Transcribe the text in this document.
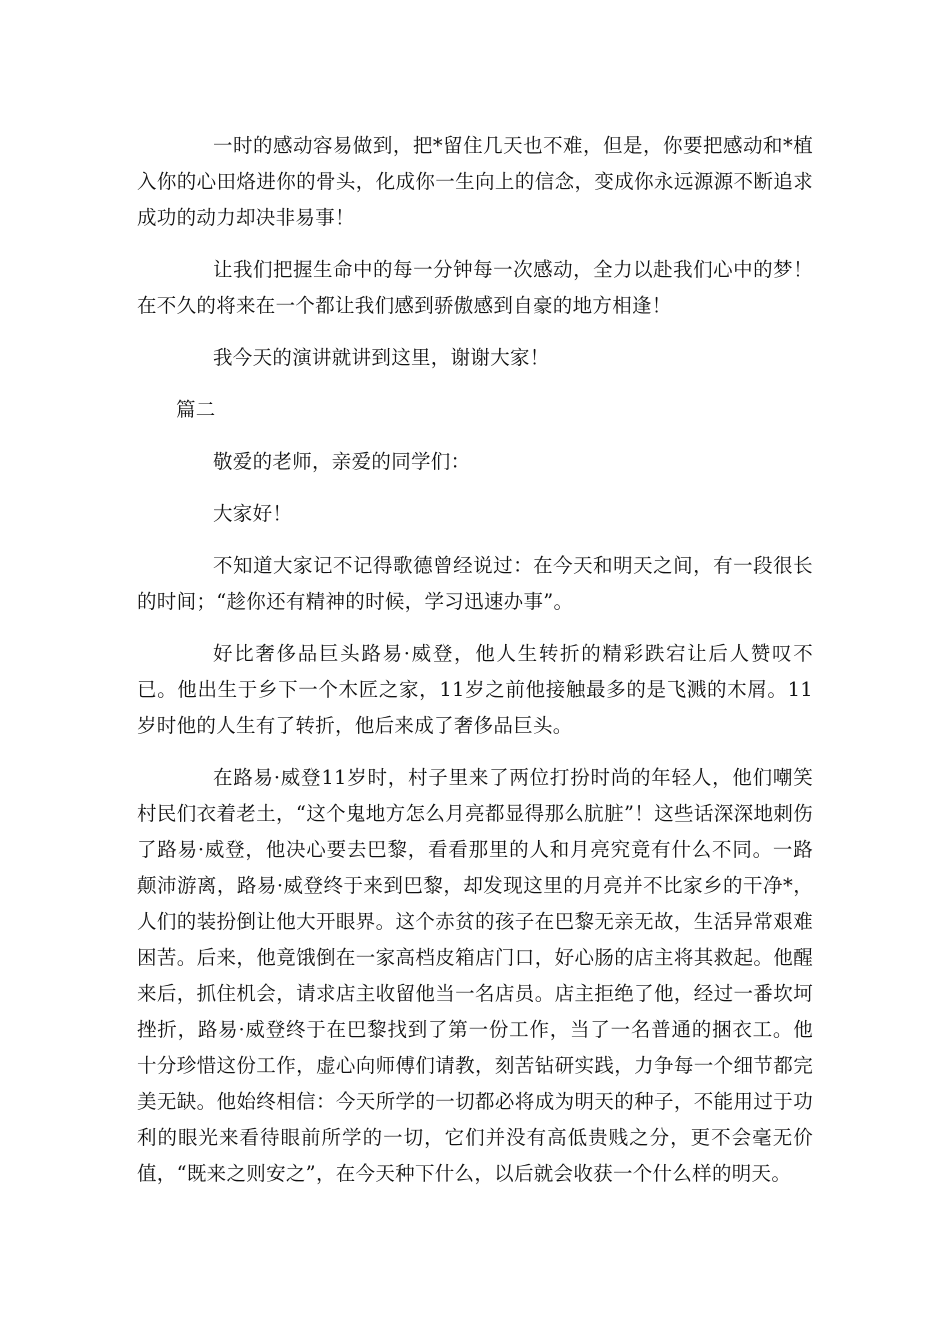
一时的感动容易做到，把*留住几天也不难，但是，你要把感动和*植入你的心田烙进你的骨头，化成你一生向上的信念，变成你永远源源不断追求成功的动力却决非易事！

让我们把握生命中的每一分钟每一次感动，全力以赴我们心中的梦！在不久的将来在一个都让我们感到骄傲感到自豪的地方相逢！

我今天的演讲就讲到这里，谢谢大家！

篇二

敬爱的老师，亲爱的同学们：

大家好！

不知道大家记不记得歌德曾经说过：在今天和明天之间，有一段很长的时间；“趁你还有精神的时候，学习迅速办事”。

好比奢侈品巨头路易·威登，他人生转折的精彩跌宕让后人赞叹不已。他出生于乡下一个木匠之家，11岁之前他接触最多的是飞溅的木屑。11岁时他的人生有了转折，他后来成了奢侈品巨头。

在路易·威登11岁时，村子里来了两位打扮时尚的年轻人，他们嘲笑村民们衣着老土，“这个鬼地方怎么月亮都显得那么肮脏”！这些话深深地刺伤了路易·威登，他决心要去巴黎，看看那里的人和月亮究竟有什么不同。一路颠沛游离，路易·威登终于来到巴黎，却发现这里的月亮并不比家乡的干净*，人们的装扮倒让他大开眼界。这个赤贫的孩子在巴黎无亲无故，生活异常艰难困苦。后来，他竟饿倒在一家高档皮箱店门口，好心肠的店主将其救起。他醒来后，抓住机会，请求店主收留他当一名店员。店主拒绝了他，经过一番坎坷挫折，路易·威登终于在巴黎找到了第一份工作，当了一名普通的捆衣工。他十分珍惜这份工作，虚心向师傅们请教，刻苦钻研实践，力争每一个细节都完美无缺。他始终相信：今天所学的一切都必将成为明天的种子，不能用过于功利的眼光来看待眼前所学的一切，它们并没有高低贵贱之分，更不会毫无价值，“既来之则安之”，在今天种下什么，以后就会收获一个什么样的明天。
